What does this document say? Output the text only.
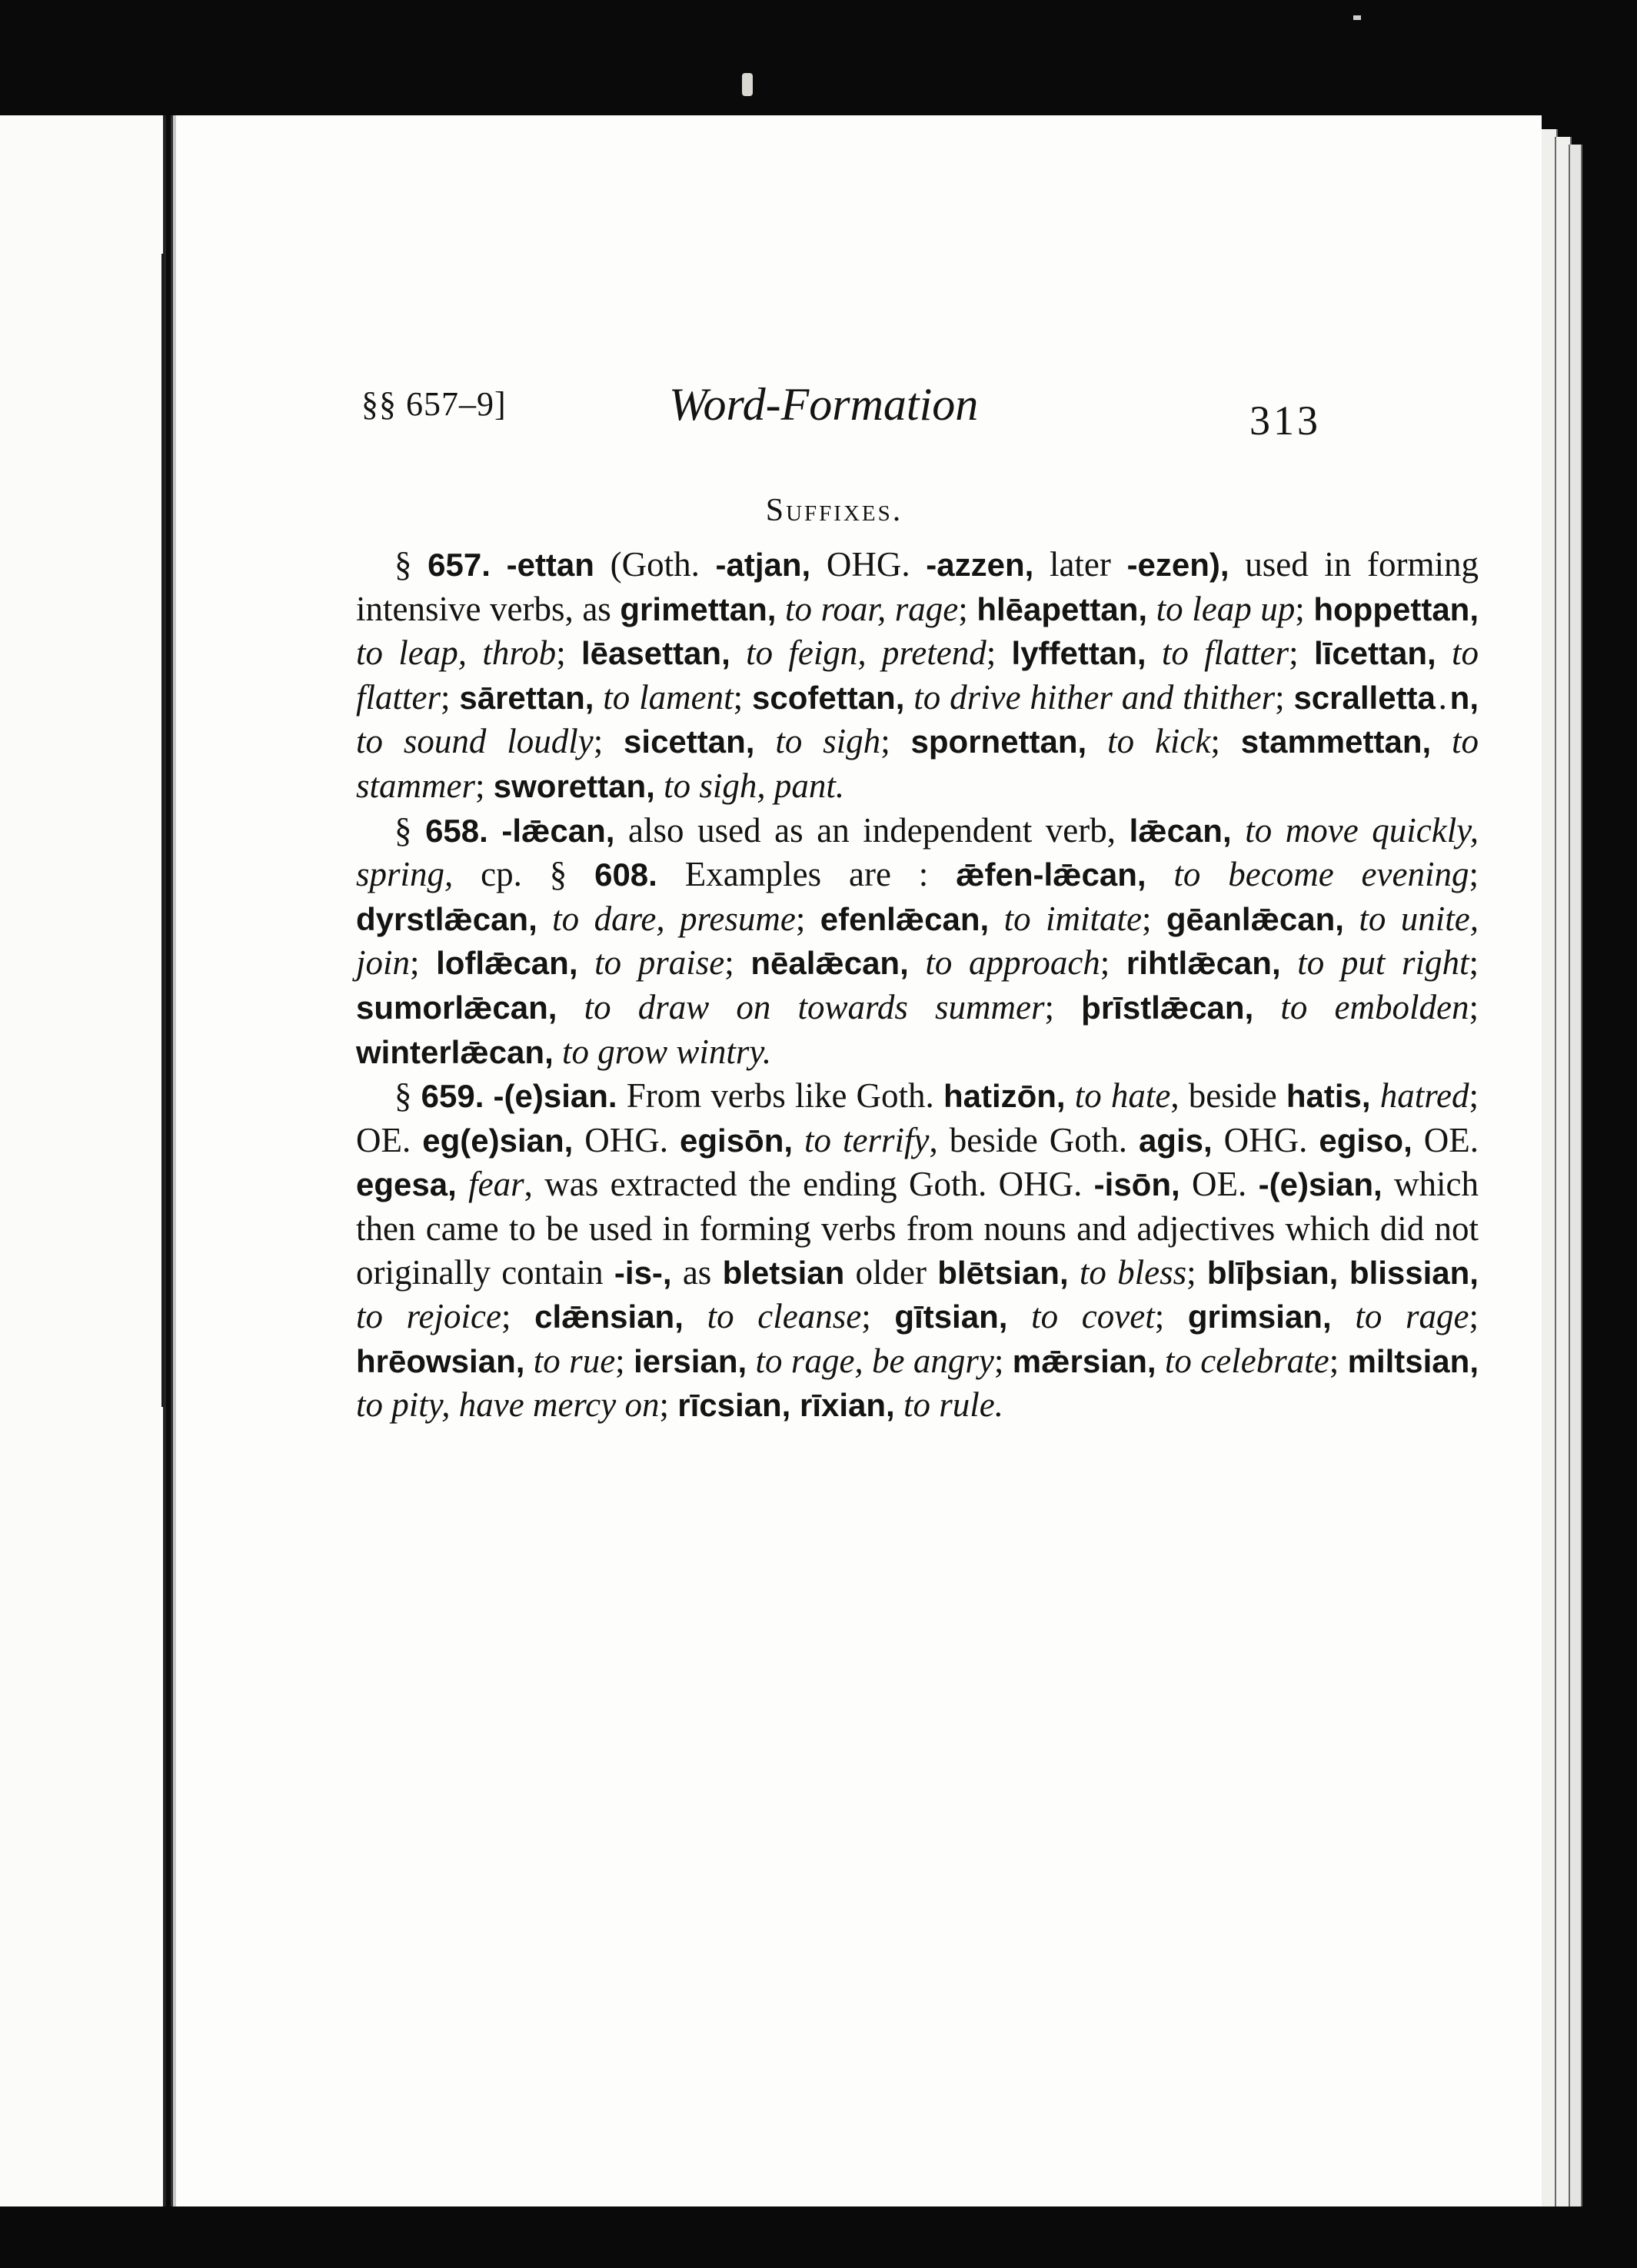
§§ 657–9]	Word-Formation	313
Suffixes.

§ 657. -ettan (Goth. -atjan, OHG. -azzen, later -ezen), used in forming intensive verbs, as grimettan, to roar, rage; hlēapettan, to leap up; hoppettan, to leap, throb; lēasettan, to feign, pretend; lyffettan, to flatter; līcettan, to flatter; sārettan, to lament; scofettan, to drive hither and thither; scralletta . n, to sound loudly; sicettan, to sigh; spornettan, to kick; stammettan, to stammer; sworettan, to sigh, pant.

§ 658. -lǣcan, also used as an independent verb, lǣcan, to move quickly, spring, cp. § 608. Examples are : ǣfen-lǣcan, to become evening; dyrstlǣcan, to dare, presume; efenlǣcan, to imitate; gēanlǣcan, to unite, join; loflǣcan, to praise; nēalǣcan, to approach; rihtlǣcan, to put right; sumorlǣcan, to draw on towards summer; þrīstlǣcan, to embolden; winterlǣcan, to grow wintry.

§ 659. -(e)sian. From verbs like Goth. hatizōn, to hate, beside hatis, hatred; OE. eg(e)sian, OHG. egisōn, to terrify, beside Goth. agis, OHG. egiso, OE. egesa, fear, was extracted the ending Goth. OHG. -isōn, OE. -(e)sian, which then came to be used in forming verbs from nouns and adjectives which did not originally contain -is-, as bletsian older blētsian, to bless; blīþsian, blissian, to rejoice; clǣnsian, to cleanse; gītsian, to covet; grimsian, to rage; hrēowsian, to rue; iersian, to rage, be angry; mǣrsian, to celebrate; miltsian, to pity, have mercy on; rīcsian, rīxian, to rule.
